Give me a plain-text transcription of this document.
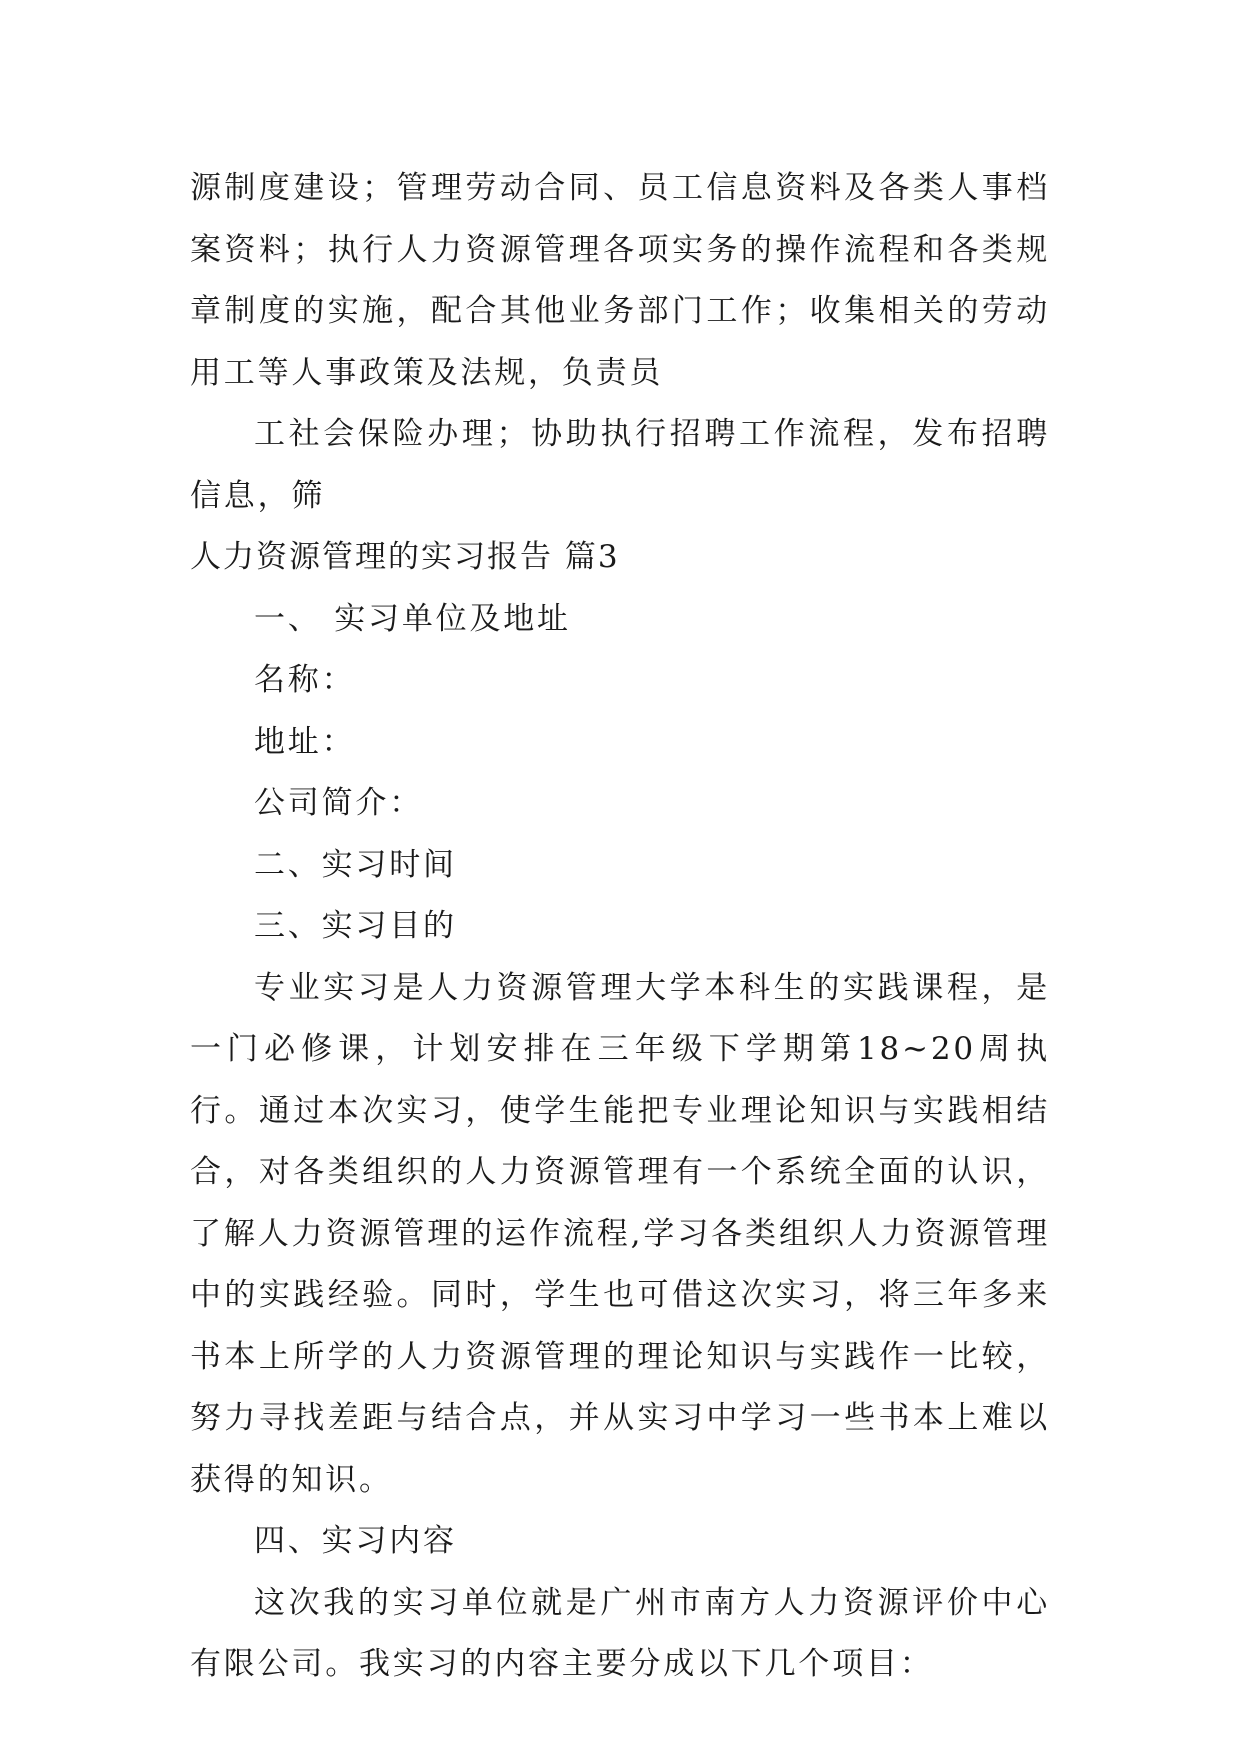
源制度建设；管理劳动合同、员工信息资料及各类人事档案资料；执行人力资源管理各项实务的操作流程和各类规章制度的实施，配合其他业务部门工作；收集相关的劳动用工等人事政策及法规，负责员

工社会保险办理；协助执行招聘工作流程，发布招聘信息，筛

人力资源管理的实习报告 篇3

一、 实习单位及地址

名称：

地址：

公司简介：

二、实习时间

三、实习目的

专业实习是人力资源管理大学本科生的实践课程，是一门必修课，计划安排在三年级下学期第18~20周执行。通过本次实习，使学生能把专业理论知识与实践相结合，对各类组织的人力资源管理有一个系统全面的认识，了解人力资源管理的运作流程,学习各类组织人力资源管理中的实践经验。同时，学生也可借这次实习，将三年多来书本上所学的人力资源管理的理论知识与实践作一比较，努力寻找差距与结合点，并从实习中学习一些书本上难以获得的知识。

四、实习内容

这次我的实习单位就是广州市南方人力资源评价中心有限公司。我实习的内容主要分成以下几个项目：
